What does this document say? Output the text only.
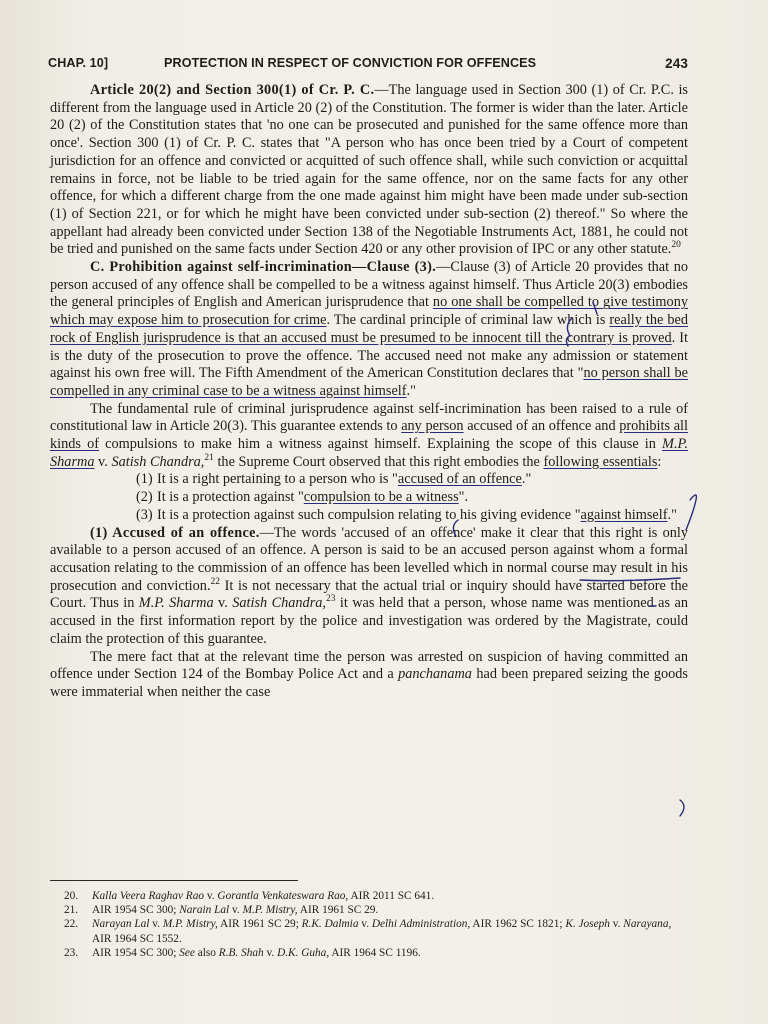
CHAP. 10]	PROTECTION IN RESPECT OF CONVICTION FOR OFFENCES	243

Article 20(2) and Section 300(1) of Cr. P. C.—The language used in Section 300 (1) of Cr. P.C. is different from the language used in Article 20 (2) of the Constitution. The former is wider than the later. Article 20 (2) of the Constitution states that 'no one can be prosecuted and punished for the same offence more than once'. Section 300 (1) of Cr. P. C. states that "A person who has once been tried by a Court of competent jurisdiction for an offence and convicted or acquitted of such offence shall, while such conviction or acquittal remains in force, not be liable to be tried again for the same offence, nor on the same facts for any other offence, for which a different charge from the one made against him might have been made under sub-section (1) of Section 221, or for which he might have been convicted under sub-section (2) thereof." So where the appellant had already been convicted under Section 138 of the Negotiable Instruments Act, 1881, he could not be tried and punished on the same facts under Section 420 or any other provision of IPC or any other statute.$^{20}$

C. Prohibition against self-incrimination—Clause (3).—Clause (3) of Article 20 provides that no person accused of any offence shall be compelled to be a witness against himself. Thus Article 20(3) embodies the general principles of English and American jurisprudence that no one shall be compelled to give testimony which may expose him to prosecution for crime. The cardinal principle of criminal law which is really the bed rock of English jurisprudence is that an accused must be presumed to be innocent till the contrary is proved. It is the duty of the prosecution to prove the offence. The accused need not make any admission or statement against his own free will. The Fifth Amendment of the American Constitution declares that "no person shall be compelled in any criminal case to be a witness against himself."

The fundamental rule of criminal jurisprudence against self-incrimination has been raised to a rule of constitutional law in Article 20(3). This guarantee extends to any person accused of an offence and prohibits all kinds of compulsions to make him a witness against himself. Explaining the scope of this clause in M.P. Sharma v. Satish Chandra,$^{21}$ the Supreme Court observed that this right embodies the following essentials:

(1) It is a right pertaining to a person who is "accused of an offence."
(2) It is a protection against "compulsion to be a witness".
(3) It is a protection against such compulsion relating to his giving evidence "against himself."

(1) Accused of an offence.—The words 'accused of an offence' make it clear that this right is only available to a person accused of an offence. A person is said to be an accused person against whom a formal accusation relating to the commission of an offence has been levelled which in normal course may result in his prosecution and conviction.$^{22}$ It is not necessary that the actual trial or inquiry should have started before the Court. Thus in M.P. Sharma v. Satish Chandra,$^{23}$ it was held that a person, whose name was mentioned as an accused in the first information report by the police and investigation was ordered by the Magistrate, could claim the protection of this guarantee.

The mere fact that at the relevant time the person was arrested on suspicion of having committed an offence under Section 124 of the Bombay Police Act and a panchanama had been prepared seizing the goods were immaterial when neither the case

20. Kalla Veera Raghav Rao v. Gorantla Venkateswara Rao, AIR 2011 SC 641.

21. AIR 1954 SC 300; Narain Lal v. M.P. Mistry, AIR 1961 SC 29.

22. Narayan Lal v. M.P. Mistry, AIR 1961 SC 29; R.K. Dalmia v. Delhi Administration, AIR 1962 SC 1821; K. Joseph v. Narayana, AIR 1964 SC 1552.

23. AIR 1954 SC 300; See also R.B. Shah v. D.K. Guha, AIR 1964 SC 1196.
